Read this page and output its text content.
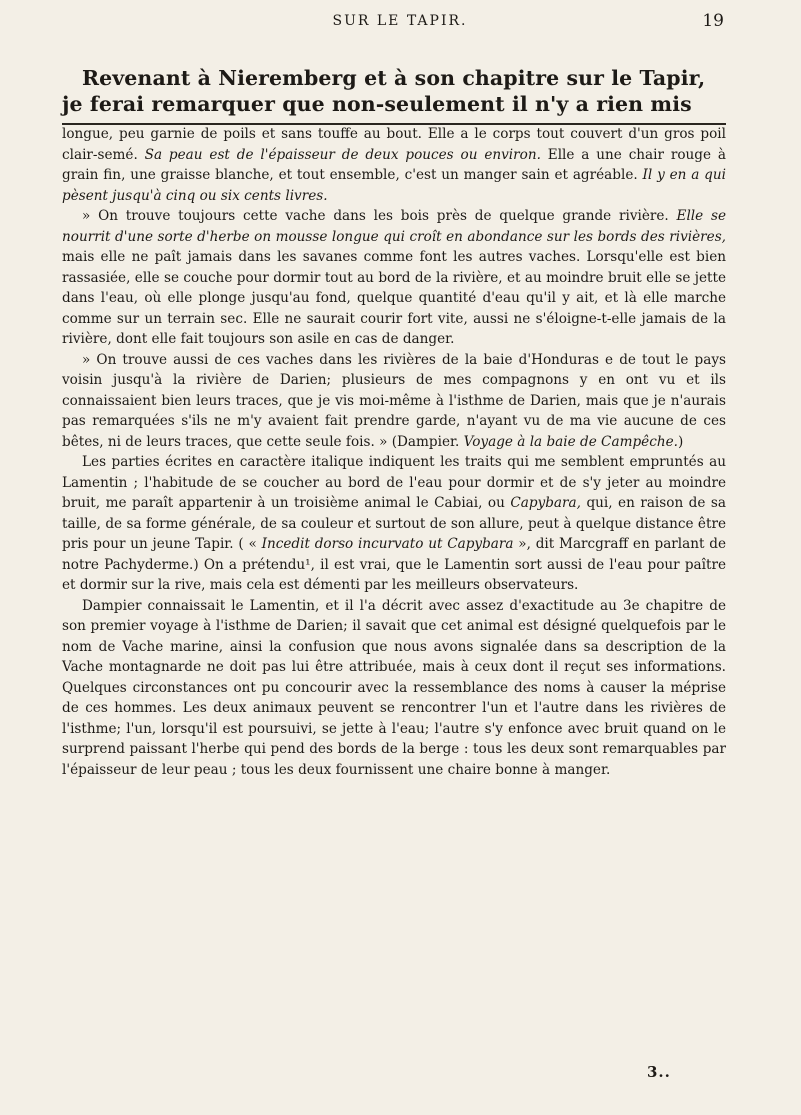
SUR LE TAPIR.	19

Revenant à Nieremberg et à son chapitre sur le Tapir,

je ferai remarquer que non-seulement il n'y a rien mis

longue, peu garnie de poils et sans touffe au bout. Elle a le corps tout couvert d'un gros poil clair-semé. Sa peau est de l'épaisseur de deux pouces ou environ. Elle a une chair rouge à grain fin, une graisse blanche, et tout ensemble, c'est un manger sain et agréable. Il y en a qui pèsent jusqu'à cinq ou six cents livres.

» On trouve toujours cette vache dans les bois près de quelque grande rivière. Elle se nourrit d'une sorte d'herbe on mousse longue qui croît en abondance sur les bords des rivières, mais elle ne paît jamais dans les savanes comme font les autres vaches. Lorsqu'elle est bien rassasiée, elle se couche pour dormir tout au bord de la rivière, et au moindre bruit elle se jette dans l'eau, où elle plonge jusqu'au fond, quelque quantité d'eau qu'il y ait, et là elle marche comme sur un terrain sec. Elle ne saurait courir fort vite, aussi ne s'éloigne-t-elle jamais de la rivière, dont elle fait toujours son asile en cas de danger.

» On trouve aussi de ces vaches dans les rivières de la baie d'Honduras e de tout le pays voisin jusqu'à la rivière de Darien; plusieurs de mes compagnons y en ont vu et ils connaissaient bien leurs traces, que je vis moi-même à l'isthme de Darien, mais que je n'aurais pas remarquées s'ils ne m'y avaient fait prendre garde, n'ayant vu de ma vie aucune de ces bêtes, ni de leurs traces, que cette seule fois. » (Dampier. Voyage à la baie de Campêche.)

Les parties écrites en caractère italique indiquent les traits qui me semblent empruntés au Lamentin ; l'habitude de se coucher au bord de l'eau pour dormir et de s'y jeter au moindre bruit, me paraît appartenir à un troisième animal le Cabiai, ou Capybara, qui, en raison de sa taille, de sa forme générale, de sa couleur et surtout de son allure, peut à quelque distance être pris pour un jeune Tapir. ( « Incedit dorso incurvato ut Capybara », dit Marcgraff en parlant de notre Pachyderme.) On a prétendu¹, il est vrai, que le Lamentin sort aussi de l'eau pour paître et dormir sur la rive, mais cela est démenti par les meilleurs observateurs.

Dampier connaissait le Lamentin, et il l'a décrit avec assez d'exactitude au 3e chapitre de son premier voyage à l'isthme de Darien; il savait que cet animal est désigné quelquefois par le nom de Vache marine, ainsi la confusion que nous avons signalée dans sa description de la Vache montagnarde ne doit pas lui être attribuée, mais à ceux dont il reçut ses informations. Quelques circonstances ont pu concourir avec la ressemblance des noms à causer la méprise de ces hommes. Les deux animaux peuvent se rencontrer l'un et l'autre dans les rivières de l'isthme; l'un, lorsqu'il est poursuivi, se jette à l'eau; l'autre s'y enfonce avec bruit quand on le surprend paissant l'herbe qui pend des bords de la berge : tous les deux sont remarquables par l'épaisseur de leur peau ; tous les deux fournissent une chaire bonne à manger.

3..
